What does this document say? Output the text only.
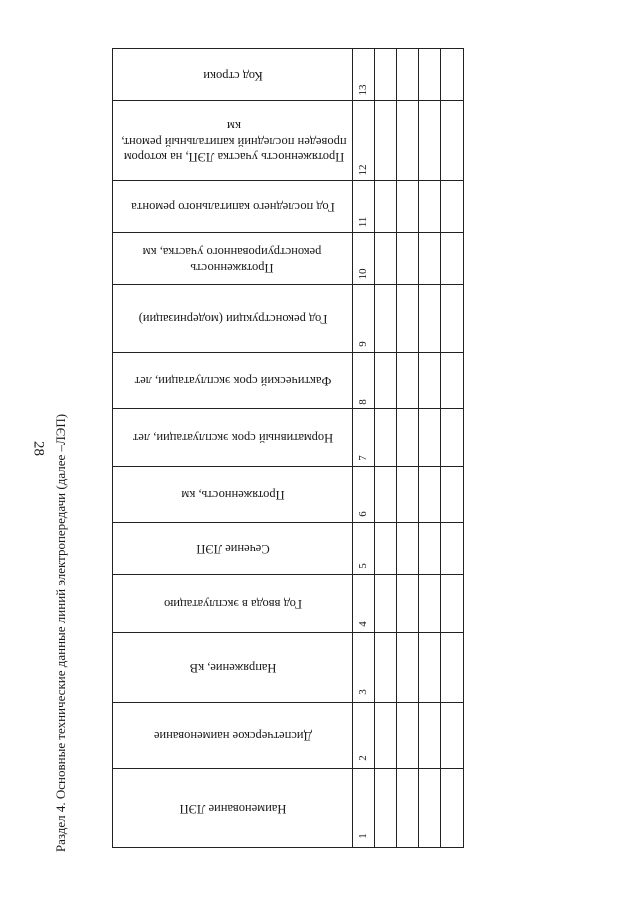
28 Раздел 4. Основные технические данные линий электропередачи (далее –ЛЭП)
Код строки
Протяженность участка ЛЭП, на котором проведен последний капитальный ремонт, км
Год последнего капитального ремонта
Протяженность реконструированного участка, км
Год реконструкции (модернизации)
Фактический срок эксплуатации, лет
Нормативный срок эксплуатации, лет
Протяженность, км
Сечение ЛЭП
Год ввода в эксплуатацию
Напряжение, кВ
Диспетчерское наименование
Наименование ЛЭП
13
12
11
10
9
8
7
6
5
4
3
2
1
